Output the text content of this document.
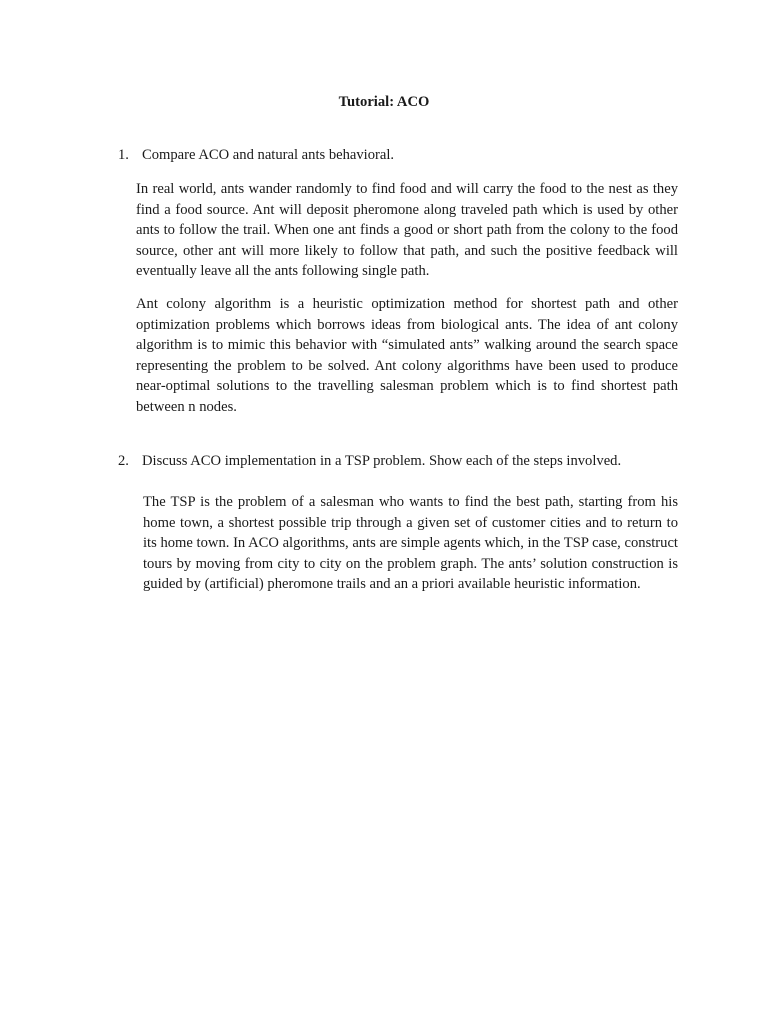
Tutorial: ACO
1. Compare ACO and natural ants behavioral.
In real world, ants wander randomly to find food and will carry the food to the nest as they find a food source. Ant will deposit pheromone along traveled path which is used by other ants to follow the trail. When one ant finds a good or short path from the colony to the food source, other ant will more likely to follow that path, and such the positive feedback will eventually leave all the ants following single path.
Ant colony algorithm is a heuristic optimization method for shortest path and other optimization problems which borrows ideas from biological ants. The idea of ant colony algorithm is to mimic this behavior with “simulated ants” walking around the search space representing the problem to be solved. Ant colony algorithms have been used to produce near-optimal solutions to the travelling salesman problem which is to find shortest path between n nodes.
2. Discuss ACO implementation in a TSP problem. Show each of the steps involved.
The TSP is the problem of a salesman who wants to find the best path, starting from his home town, a shortest possible trip through a given set of customer cities and to return to its home town. In ACO algorithms, ants are simple agents which, in the TSP case, construct tours by moving from city to city on the problem graph. The ants’ solution construction is guided by (artificial) pheromone trails and an a priori available heuristic information.
